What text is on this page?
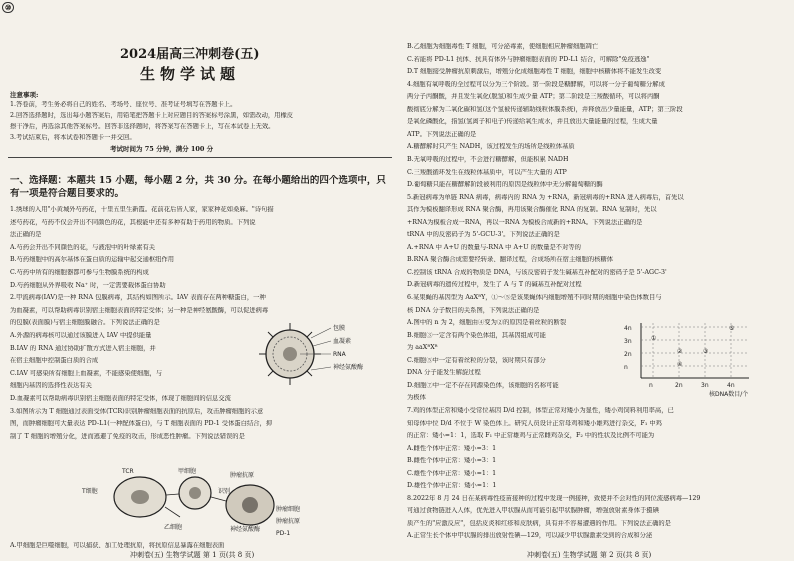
⑩
2024届高三冲刺卷(五)
生物学试题
注意事项:
1.答卷前，考生务必将自己的姓名、考场号、座位号、准考证号填写在答题卡上。
2.回答选择题时，选出每小题答案后，用铅笔把答题卡上对应题目的答案标号涂黑，如需改动，用橡皮
擦干净后，再选涂其他答案标号。回答非选择题时，将答案写在答题卡上，写在本试卷上无效。
3.考试结束后，将本试卷和答题卡一并交回。
考试时间为 75 分钟，满分 100 分
一、选择题：本题共 15 小题，每小题 2 分，共 30 分。在每小题给出的四个选项中，只
有一项是符合题目要求的。
1.绣球的入用"小黄城外芍药花，十里五里生新霞。花前花后皆人家，家家种花如桑麻。"诗句描
述芍药花，芍药不仅会开出不同颜色的花，其根能中还有多种有助于药用的物质。下列说
法正确的是
A.芍药会开出不同颜色的花，与液泡中的叶绿素有关
B.芍药细胞中的高尔基体在蛋白质的运输中起交通枢纽作用
C.芍药中所有的细胞器都可参与生物膜系统的构成
D.芍药细胞从外界吸收 Na⁺ 时，一定需要载体蛋白协助
2.甲流病毒(IAV)是一种 RNA 包膜病毒，其结构如图所示。IAV 表面存在两种糖蛋白，一种
为血凝素，可以帮助病毒识别宿主细胞表面的特定受体；另一种是神经氨酸酶，可以促进病毒
的包膜(表面膜)与宿主细胞膜融合。下列说法正确的是
A.外源的病毒核可以通过该膜进入 IAV 中提供能量
B.IAV 的 RNA 通过协助扩散方式进入宿主细胞，并
在宿主细胞中控制蛋白质的合成
C.IAV 可感染所有细胞上血凝素，不能感染使细胞，与
细胞内基因的选择性表达有关
D.血凝素可以帮助病毒识别宿主细胞表面的特定受体，体现了细胞间的信息交流
3.如图所示为 T 细胞通过表面受体(TCR)识别肿瘤细胞表面的抗原后，攻击肿瘤细胞的示意
图，而肿瘤细胞可大量表达 PD-L1(一种配体蛋白)，与 T 细胞表面的 PD-1 受体蛋白结合，抑
制了 T 细胞的增殖分化，进而逃避了免疫的攻击，形成恶性肿瘤。下列说法错误的是
包膜
血凝素
RNA
神经氨酸酶
TCR
T细胞
甲细胞
肿瘤抗原
识别
乙细胞	神经氨酸酶
肿瘤细胞
肿瘤抗原
PD-1
A.甲细胞是巨噬细胞，可以捕获、加工处理抗原，将抗原信息暴露在细胞表面
冲刺卷(五) 生物学试题 第 1 页(共 8 页)
B.乙细胞为细胞毒性 T 细胞，可分泌毒素，使细胞相应肿瘤细胞凋亡
C.若能将 PD-L1 抗体、抗具有体外与肿瘤细胞表面的 PD-L1 结合，可解除"免疫逃逸"
D.T 细胞接受肿瘤抗原刺激后，增殖分化成细胞毒性 T 细胞，细胞中核糖体将不能发生改变
4.细胞有氧呼吸的全过程可以分为三个阶段。第一阶段是糖酵解，可以将一分子葡萄糖分解成
两分子丙酮酸，并且发生氧化(脱氢)和生成少量 ATP；第二阶段是三羧酸循环，可以将丙酮
酸彻底分解为二氧化碳和氢(这个氢被传递辅助线粒体膜系统)，并释放出少量能量，ATP；第三阶段
是氧化磷酸化，指氢(氢离子和电子)传递给氧生成水，并且放出大量能量的过程，生成大量
ATP。下列说法正确的是
A.糖酵解时只产生 NADH，该过程发生的场所是线粒体基质
B.无氧呼吸的过程中，不会进行糖酵解，但能积累 NADH
C.三羧酸循环发生在线粒体基质中，可以产生大量的 ATP
D.葡萄糖只能在糖酵解阶段被利用的原因是线粒体中无分解葡萄糖的酶
5.新冠病毒为单链 RNA 病毒，病毒内的 RNA 为 +RNA，新冠病毒的+RNA 进入病毒后，首先以
其作为模板翻译形成 RNA 聚合酶，再用该聚合酶催化 RNA 的复制。RNA 复制时，先以
+RNA为模板合成一RNA，再以一RNA 为模板合成新的+RNA。下列说法正确的是
tRNA 中的反密码子为 5'-GCU-3'。下列说法正确的是
A.+RNA 中 A+U 的数量与-RNA 中 A+U 的数量是不对等的
B.RNA 聚合酶合成需要经转录、翻译过程，合成场所在宿主细胞的核糖体
C.控制该 tRNA 合成的物质是 DNA，与该反密码子发生碱基互补配对的密码子是 5'-AGC-3'
D.新冠病毒的遗传过程中，发生了 A 与 T 的碱基互补配对过程
6.某果蝇的基因型为 AaXᴮY，①～⑤是该果蝇体内细胞增殖不同时期的细胞中染色体数目与
核 DNA 分子数目的关系图，下列说法正确的是
A.图中的 n 为 2，细胞由④变为②的原因是着丝粒的断裂
B.细胞③一定含有两个染色体组，其基因组成可能
为 aaXᴮXᴮ
C.细胞⑤中一定有着丝粒的分裂，该时期只有部分
DNA 分子能发生解旋过程
D.细胞⑦中一定不存在同源染色体，该细胞的名称可能
为极体
7.鸡的体型正常和矮小受常位基因 D/d 控制，体型正常对矮小为显性，矮小鸡饲料利用率高，已
知母体中位 D/d 不位于 W 染色体上。研究人员设计正常母鸡和矮小雄鸡进行杂交，F₁ 中鸡
的正常：矮小=1：1，选取 F₁ 中正常雄鸡与正常雌鸡杂交，F₂ 中的性状及比例不可能为
A.雌性个体中正常：矮小=3：1
B.雌性个体中正常：矮小=3：1
C.雄性个体中正常：矮小=1：1
D.雄性个体中正常：矮小=1：1
8.2022年 8 月 24 日在某病毒性疫苗接种的过程中发现一例接种，致使并不会对性的同位流感病毒—129
可通过食物链进入人体，优先进入甲状腺从而可能引起甲状腺肿瘤，增强放射素身体于摄碘
质产生的"应激反应"，包括皮炎和红疹和皮肤病，具有并不容易遭遇的作用。下列说法正确的是
A.正常生长个体中甲状腺的排出放射性碘—129，可以减少甲状腺激素受到的合成和分泌
4n
3n
2n
n
n	2n	3n	4n
核DNA数目/个
①
②	③
④
⑤
冲刺卷(五) 生物学试题 第 2 页(共 8 页)
